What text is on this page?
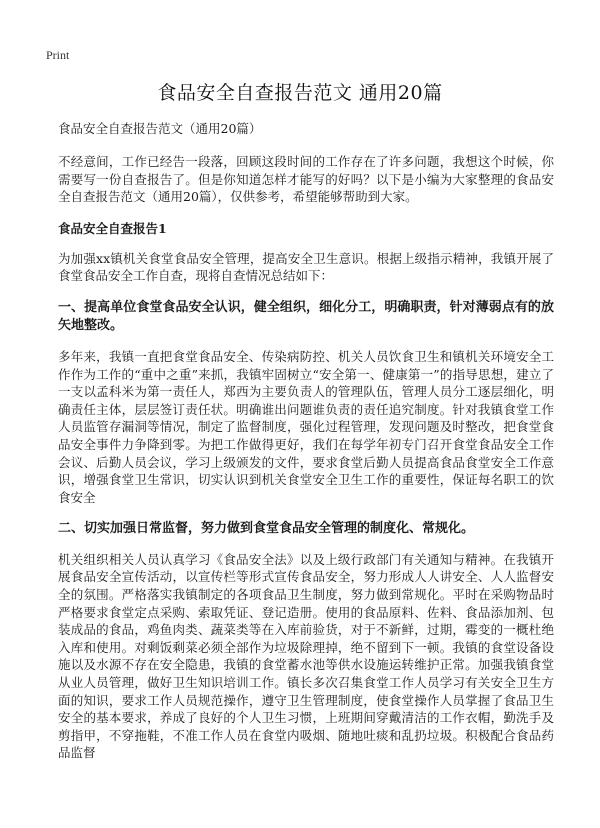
Print
食品安全自查报告范文 通用20篇
食品安全自查报告范文（通用20篇）

不经意间，工作已经告一段落，回顾这段时间的工作存在了许多问题，我想这个时候，你需要写一份自查报告了。但是你知道怎样才能写的好吗？以下是小编为大家整理的食品安全自查报告范文（通用20篇），仅供参考，希望能够帮助到大家。

食品安全自查报告1

为加强xx镇机关食堂食品安全管理，提高安全卫生意识。根据上级指示精神，我镇开展了食堂食品安全工作自查，现将自查情况总结如下：

一、提高单位食堂食品安全认识，健全组织，细化分工，明确职责，针对薄弱点有的放矢地整改。

多年来，我镇一直把食堂食品安全、传染病防控、机关人员饮食卫生和镇机关环境安全工作作为工作的“重中之重”来抓，我镇牢固树立“安全第一、健康第一”的指导思想，建立了一支以孟科米为第一责任人，郑西为主要负责人的管理队伍，管理人员分工逐层细化，明确责任主体，层层签订责任状。明确谁出问题谁负责的责任追究制度。针对我镇食堂工作人员监管存漏洞等情况，制定了监督制度，强化过程管理，发现问题及时整改，把食堂食品安全事件力争降到零。为把工作做得更好，我们在每学年初专门召开食堂食品安全工作会议、后勤人员会议，学习上级颁发的文件，要求食堂后勤人员提高食品食堂安全工作意识，增强食堂卫生常识，切实认识到机关食堂安全卫生工作的重要性，保证每名职工的饮食安全

二、切实加强日常监督，努力做到食堂食品安全管理的制度化、常规化。

机关组织相关人员认真学习《食品安全法》以及上级行政部门有关通知与精神。在我镇开展食品安全宣传活动，以宣传栏等形式宣传食品安全，努力形成人人讲安全、人人监督安全的氛围。严格落实我镇制定的各项食品卫生制度，努力做到常规化。平时在采购物品时严格要求食堂定点采购、索取凭证、登记造册。使用的食品原料、佐料、食品添加剂、包装成品的食品，鸡鱼肉类、蔬菜类等在入库前验货，对于不新鲜，过期，霉变的一概杜绝入库和使用。对剩饭剩菜必须全部作为垃圾除理掉，绝不留到下一顿。我镇的食堂设备设施以及水源不存在安全隐患，我镇的食堂蓄水池等供水设施运转维护正常。加强我镇食堂从业人员管理，做好卫生知识培训工作。镇长多次召集食堂工作人员学习有关安全卫生方面的知识，要求工作人员规范操作，遵守卫生管理制度，使食堂操作人员掌握了食品卫生安全的基本要求，养成了良好的个人卫生习惯，上班期间穿戴清洁的工作衣帽，勤洗手及剪指甲，不穿拖鞋，不准工作人员在食堂内吸烟、随地吐痰和乱扔垃圾。积极配合食品药品监督
